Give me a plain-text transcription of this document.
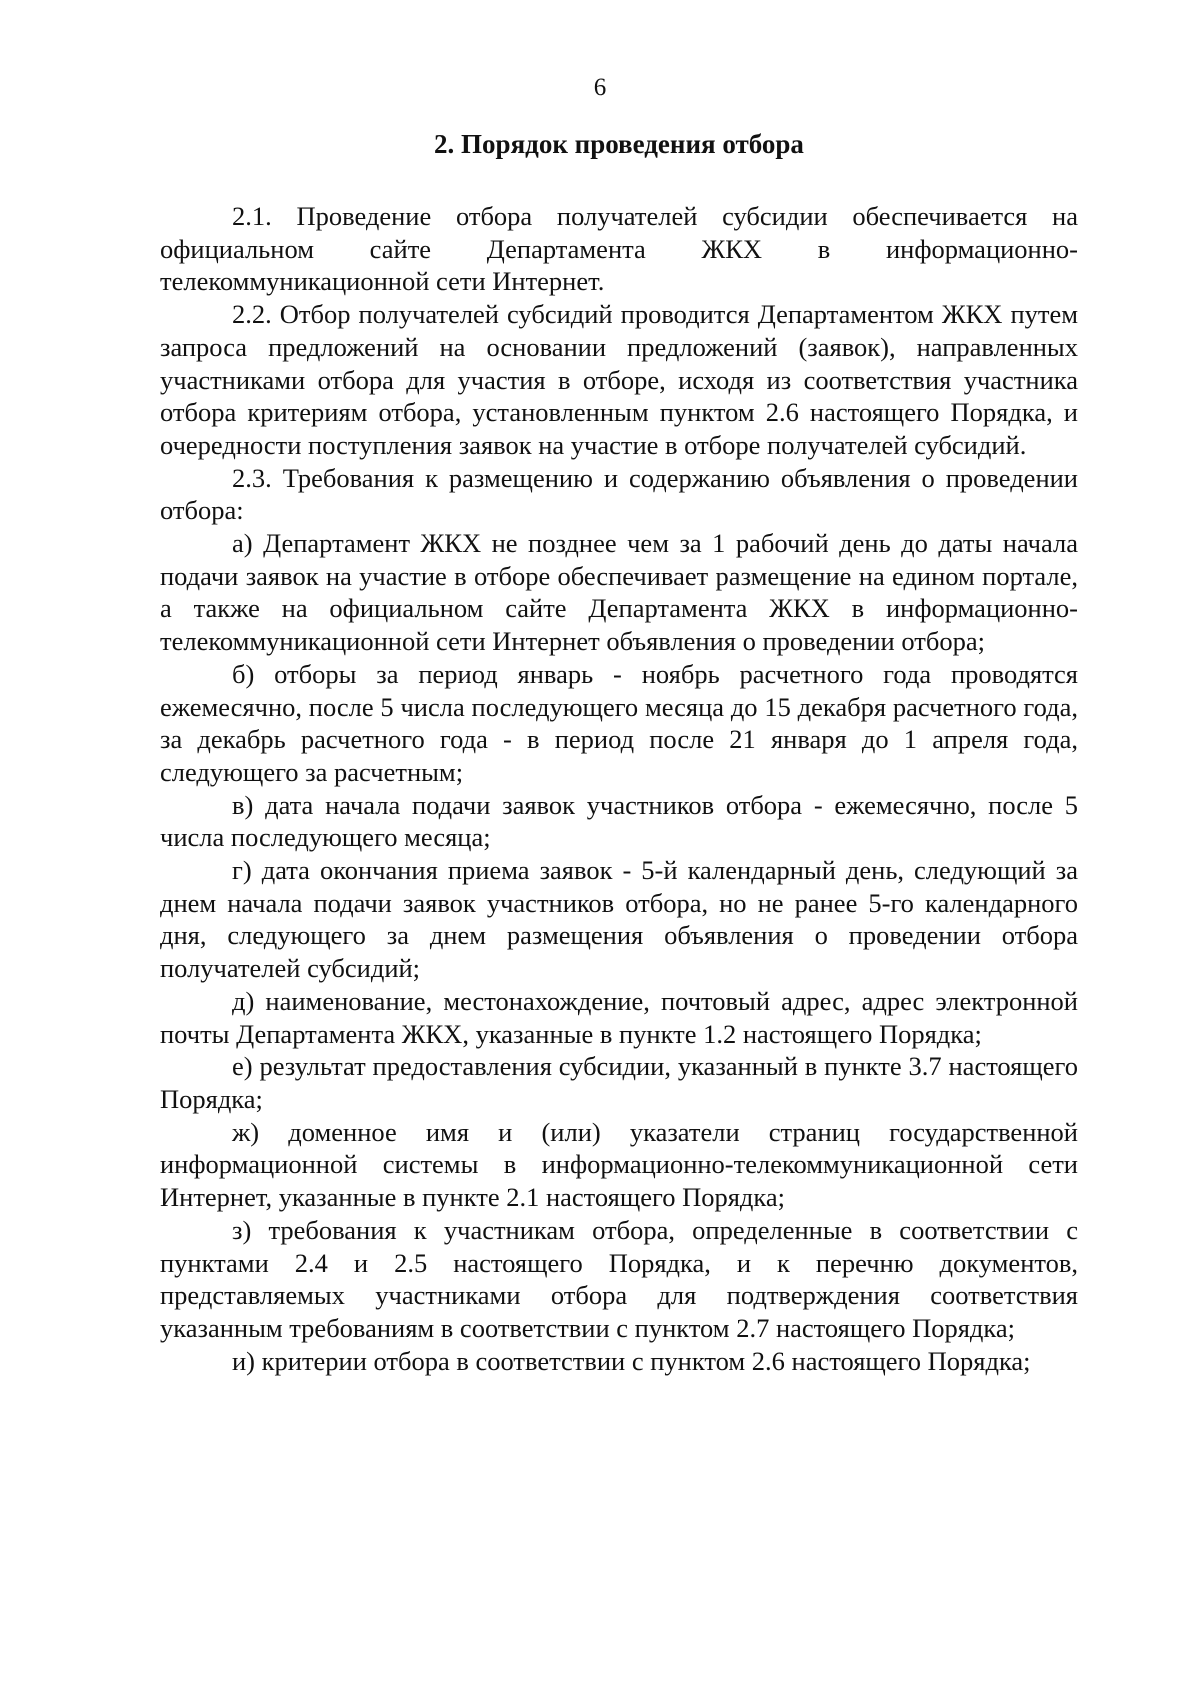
6
2. Порядок проведения отбора

2.1. Проведение отбора получателей субсидии обеспечивается на официальном сайте Департамента ЖКХ в информационно-телекоммуникационной сети Интернет.

2.2. Отбор получателей субсидий проводится Департаментом ЖКХ путем запроса предложений на основании предложений (заявок), направленных участниками отбора для участия в отборе, исходя из соответствия участника отбора критериям отбора, установленным пунктом 2.6 настоящего Порядка, и очередности поступления заявок на участие в отборе получателей субсидий.

2.3. Требования к размещению и содержанию объявления о проведении отбора:

а) Департамент ЖКХ не позднее чем за 1 рабочий день до даты начала подачи заявок на участие в отборе обеспечивает размещение на едином портале, а также на официальном сайте Департамента ЖКХ в информационно-телекоммуникационной сети Интернет объявления о проведении отбора;

б) отборы за период январь - ноябрь расчетного года проводятся ежемесячно, после 5 числа последующего месяца до 15 декабря расчетного года, за декабрь расчетного года - в период после 21 января до 1 апреля года, следующего за расчетным;

в) дата начала подачи заявок участников отбора - ежемесячно, после 5 числа последующего месяца;

г) дата окончания приема заявок - 5-й календарный день, следующий за днем начала подачи заявок участников отбора, но не ранее 5-го календарного дня, следующего за днем размещения объявления о проведении отбора получателей субсидий;

д) наименование, местонахождение, почтовый адрес, адрес электронной почты Департамента ЖКХ, указанные в пункте 1.2 настоящего Порядка;

е) результат предоставления субсидии, указанный в пункте 3.7 настоящего Порядка;

ж) доменное имя и (или) указатели страниц государственной информационной системы в информационно-телекоммуникационной сети Интернет, указанные в пункте 2.1 настоящего Порядка;

з) требования к участникам отбора, определенные в соответствии с пунктами 2.4 и 2.5 настоящего Порядка, и к перечню документов, представляемых участниками отбора для подтверждения соответствия указанным требованиям в соответствии с пунктом 2.7 настоящего Порядка;

и) критерии отбора в соответствии с пунктом 2.6 настоящего Порядка;
